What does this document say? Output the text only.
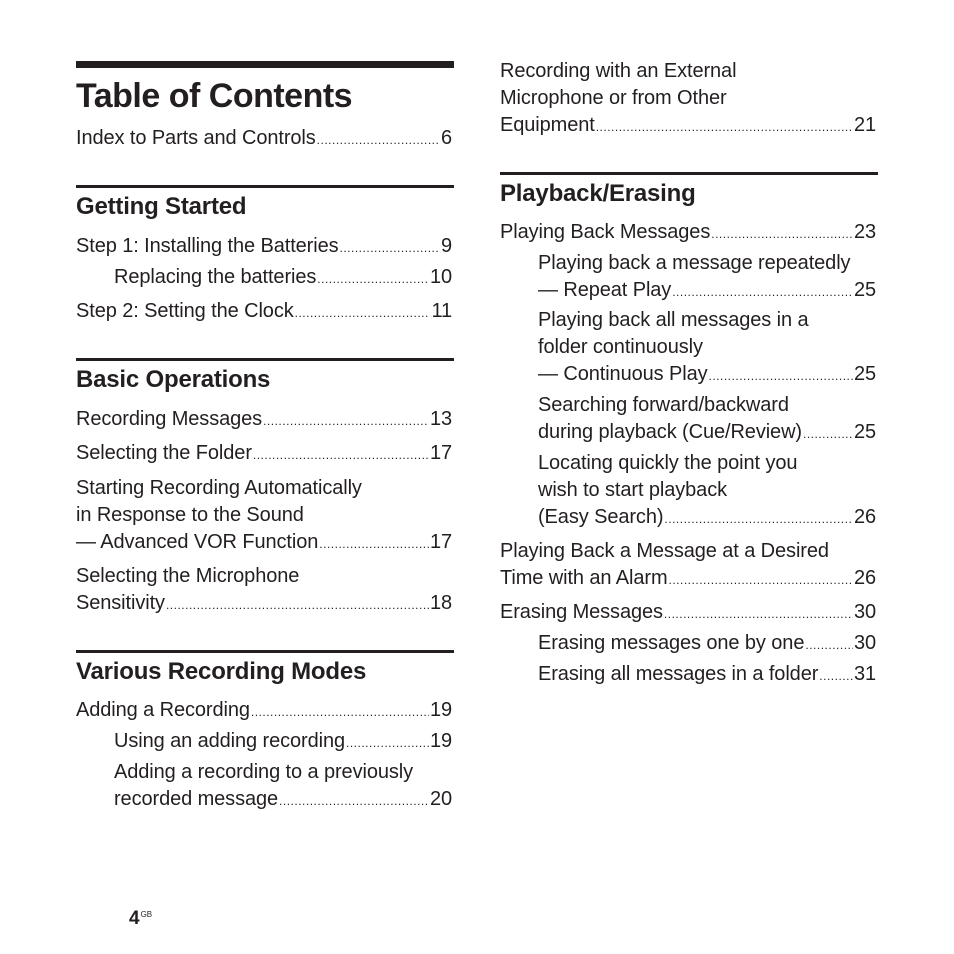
Table of Contents
Index to Parts and Controls .....	6
Getting Started
Step 1: Installing the Batteries .....	9
Replacing the batteries .....	10
Step 2: Setting the Clock .....	11
Basic Operations
Recording Messages .....	13
Selecting the Folder .....	17
Starting Recording Automatically
in Response to the Sound
— Advanced VOR Function .....	17
Selecting the Microphone
Sensitivity .....	18
Various Recording Modes
Adding a Recording .....	19
Using an adding recording .....	19
Adding a recording to a previously
recorded message .....	20
$4^{GB}$
Recording with an External
Microphone or from Other
Equipment .....	21
Playback/Erasing
Playing Back Messages .....	23
Playing back a message repeatedly
— Repeat Play .....	25
Playing back all messages in a
folder continuously
— Continuous Play .....	25
Searching forward/backward
during playback (Cue/Review) .....	25
Locating quickly the point you
wish to start playback
(Easy Search) .....	26
Playing Back a Message at a Desired
Time with an Alarm .....	26
Erasing Messages .....	30
Erasing messages one by one ..... 30
Erasing all messages in a folder ..... 31
